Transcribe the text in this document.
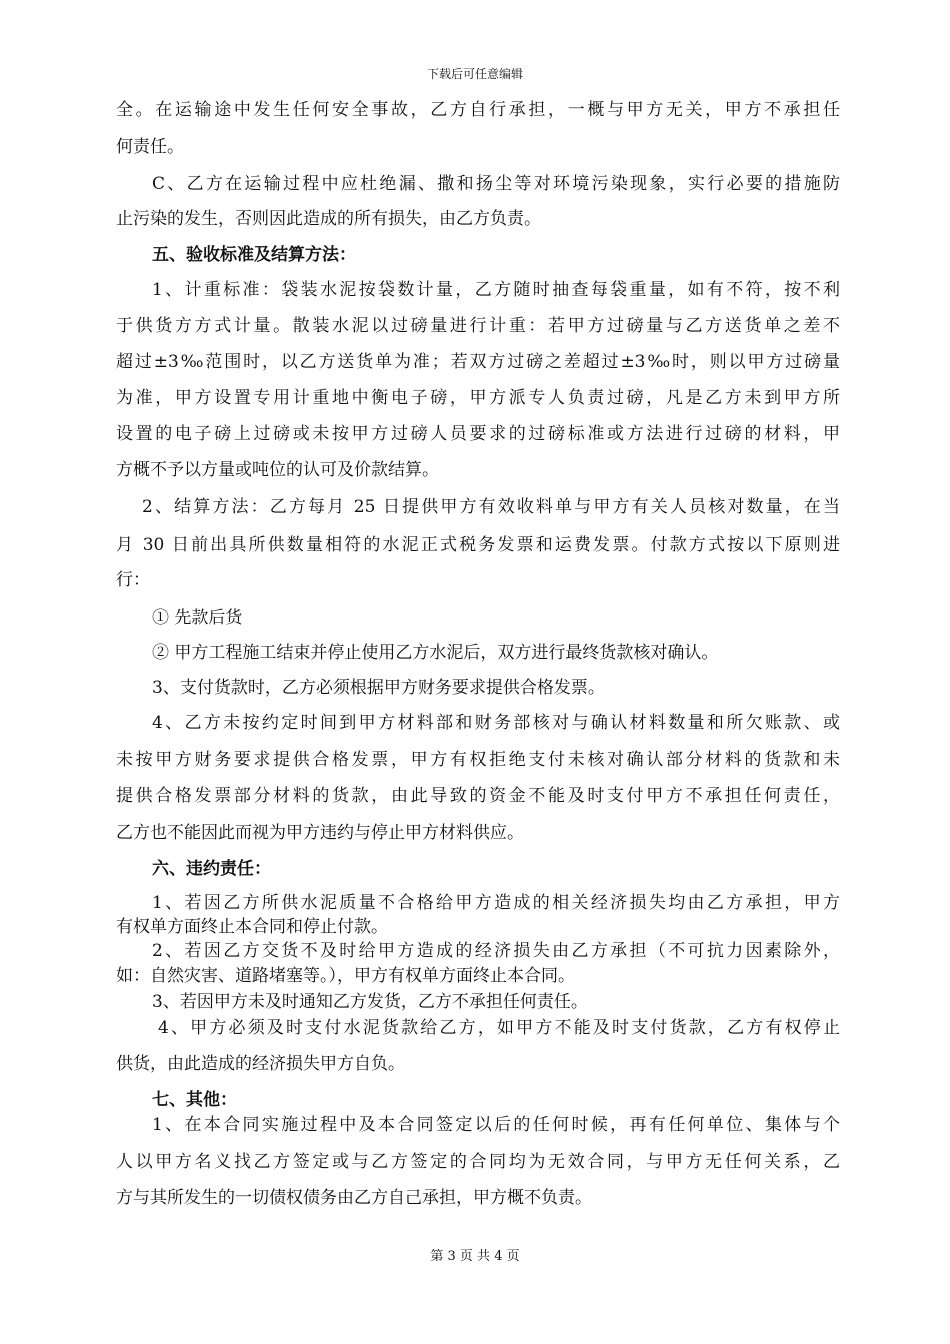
下载后可任意编辑
全。在运输途中发生任何安全事故，乙方自行承担，一概与甲方无关，甲方不承担任
何责任。
C、乙方在运输过程中应杜绝漏、撒和扬尘等对环境污染现象，实行必要的措施防
止污染的发生，否则因此造成的所有损失，由乙方负责。
五、验收标准及结算方法：
1、计重标准：袋装水泥按袋数计量，乙方随时抽查每袋重量，如有不符，按不利
于供货方方式计量。散装水泥以过磅量进行计重：若甲方过磅量与乙方送货单之差不
超过±3‰范围时，以乙方送货单为准；若双方过磅之差超过±3‰时，则以甲方过磅量
为准，甲方设置专用计重地中衡电子磅，甲方派专人负责过磅，凡是乙方未到甲方所
设置的电子磅上过磅或未按甲方过磅人员要求的过磅标准或方法进行过磅的材料，甲
方概不予以方量或吨位的认可及价款结算。
2、结算方法：乙方每月 25 日提供甲方有效收料单与甲方有关人员核对数量，在当
月 30 日前出具所供数量相符的水泥正式税务发票和运费发票。付款方式按以下原则进
行：
① 先款后货
② 甲方工程施工结束并停止使用乙方水泥后，双方进行最终货款核对确认。
3、支付货款时，乙方必须根据甲方财务要求提供合格发票。
4、乙方未按约定时间到甲方材料部和财务部核对与确认材料数量和所欠账款、或
未按甲方财务要求提供合格发票，甲方有权拒绝支付未核对确认部分材料的货款和未
提供合格发票部分材料的货款，由此导致的资金不能及时支付甲方不承担任何责任，
乙方也不能因此而视为甲方违约与停止甲方材料供应。
六、违约责任：
1、若因乙方所供水泥质量不合格给甲方造成的相关经济损失均由乙方承担，甲方
有权单方面终止本合同和停止付款。
2、若因乙方交货不及时给甲方造成的经济损失由乙方承担（不可抗力因素除外，
如：自然灾害、道路堵塞等。），甲方有权单方面终止本合同。
3、若因甲方未及时通知乙方发货，乙方不承担任何责任。
4、甲方必须及时支付水泥货款给乙方，如甲方不能及时支付货款，乙方有权停止
供货，由此造成的经济损失甲方自负。
七、其他：
1、在本合同实施过程中及本合同签定以后的任何时候，再有任何单位、集体与个
人以甲方名义找乙方签定或与乙方签定的合同均为无效合同，与甲方无任何关系，乙
方与其所发生的一切债权债务由乙方自己承担，甲方概不负责。
第 3 页 共 4 页
